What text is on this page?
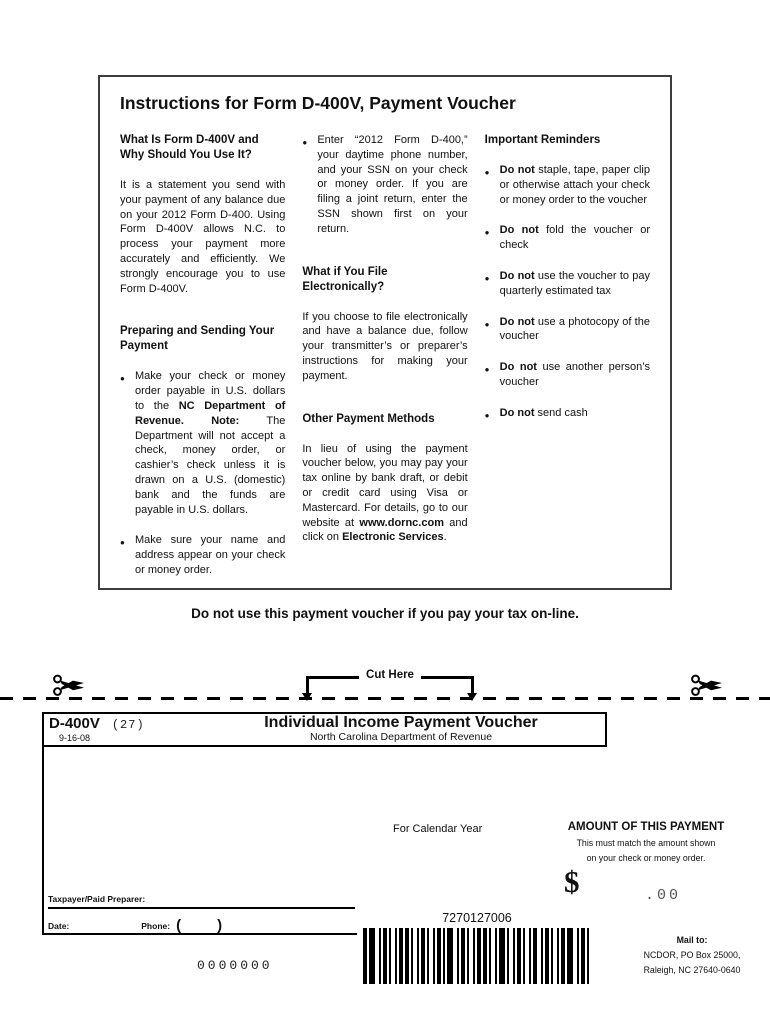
Instructions for Form D-400V, Payment Voucher
What Is Form D-400V and Why Should You Use It?

It is a statement you send with your payment of any balance due on your 2012 Form D-400. Using Form D-400V allows N.C. to process your payment more accurately and efficiently. We strongly encourage you to use Form D-400V.

Preparing and Sending Your Payment
●

Make your check or money order payable in U.S. dollars to the NC Department of Revenue. Note: The Department will not accept a check, money order, or cashier’s check unless it is drawn on a U.S. (domestic) bank and the funds are payable in U.S. dollars.

●

Make sure your name and address appear on your check or money order.

●

Enter “2012 Form D-400,” your daytime phone number, and your SSN on your check or money order. If you are filing a joint return, enter the SSN shown first on your return.

What if You File Electronically?

If you choose to file electronically and have a balance due, follow your transmitter’s or preparer’s instructions for making your payment.

Other Payment Methods

In lieu of using the payment voucher below, you may pay your tax online by bank draft, or debit or credit card using Visa or Mastercard. For details, go to our website at www.dornc.com and click on Electronic Services.

Important Reminders
●

Do not staple, tape, paper clip or otherwise attach your check or money order to the voucher

●

Do not fold the voucher or check

●

Do not use the voucher to pay quarterly estimated tax

●

Do not use a photocopy of the voucher

●

Do not use another person’s voucher

●

Do not send cash

Do not use this payment voucher if you pay your tax on-line.

Cut Here
D-400V (27)
9-16-08
Individual Income Payment Voucher
North Carolina Department of Revenue
Taxpayer/Paid Preparer:
Date:	Phone: ( )
For Calendar Year	AMOUNT OF THIS PAYMENT
This must match the amount shown
on your check or money order.
$	.00
7270127006
0000000
Mail to:
NCDOR, PO Box 25000,
Raleigh, NC 27640-0640
